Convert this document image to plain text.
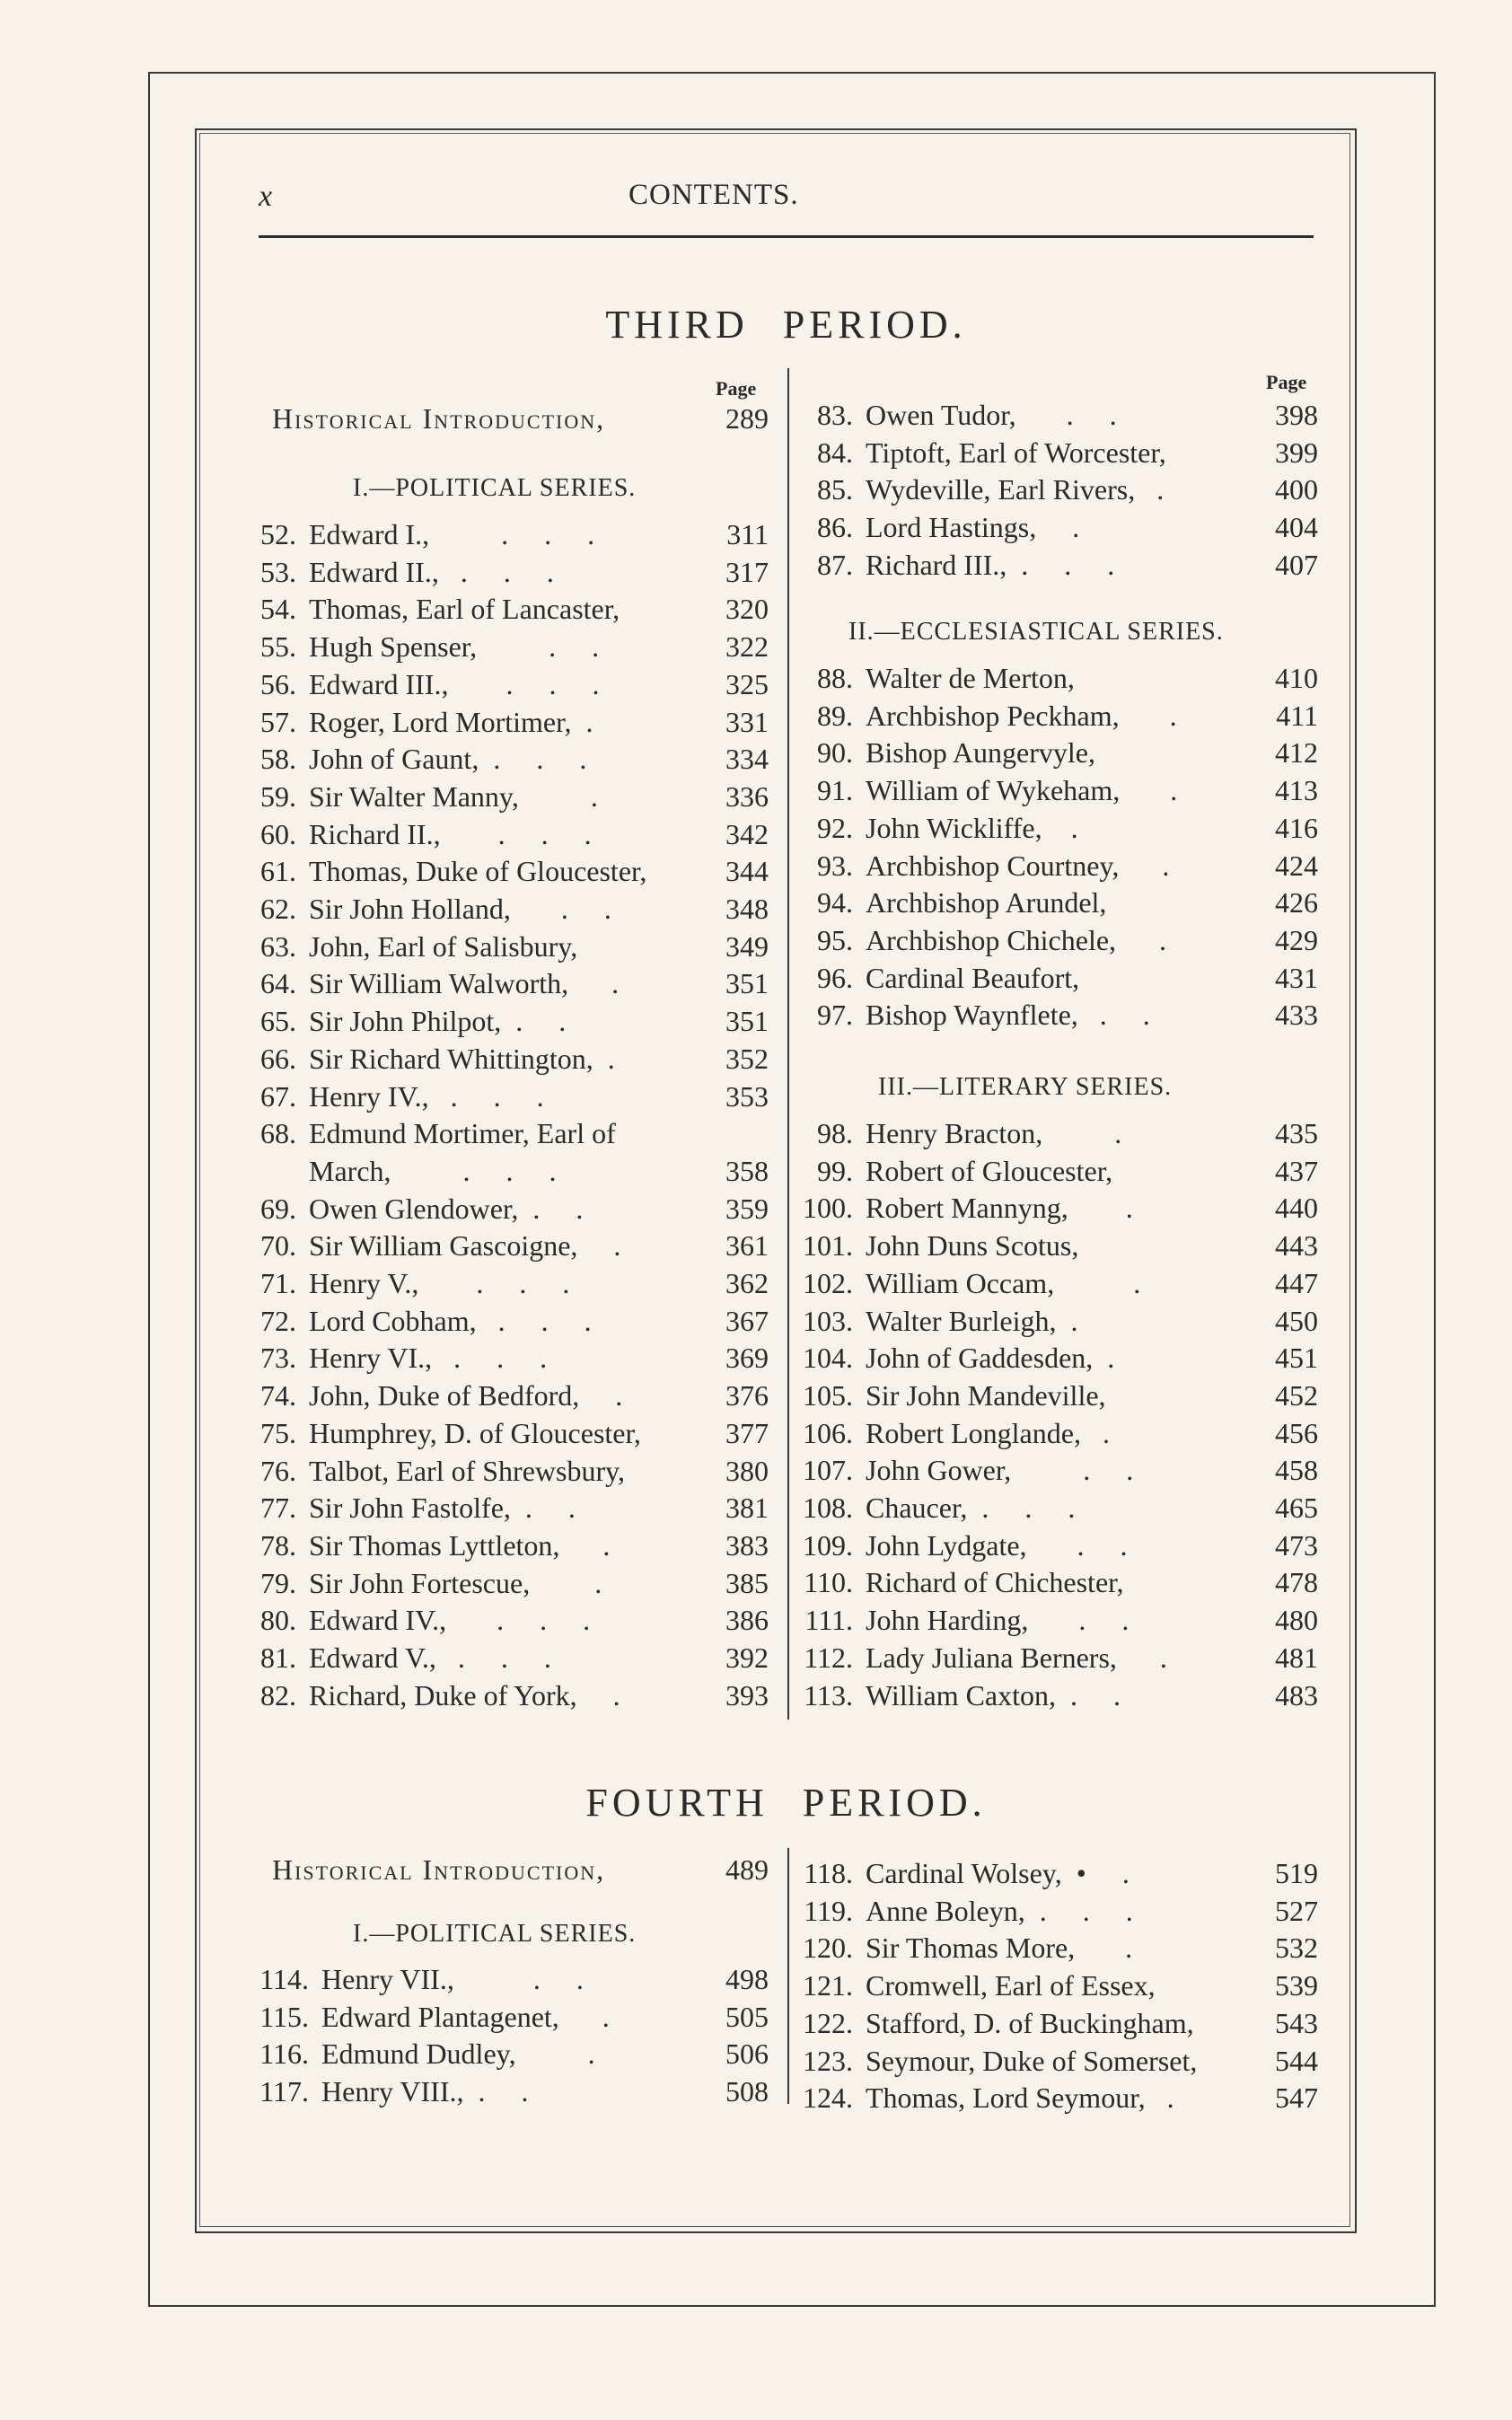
x	CONTENTS.
THIRD PERIOD.
Page	Page
Historical Introduction,	289
I.—POLITICAL SERIES.
52. Edward I.,          .     .     .	311
53. Edward II.,   .     .     .	317
54. Thomas, Earl of Lancaster,	320
55. Hugh Spenser,          .     .	322
56. Edward III.,        .     .     .	325
57. Roger, Lord Mortimer,  .	331
58. John of Gaunt,  .     .     .	334
59. Sir Walter Manny,          .	336
60. Richard II.,        .     .     .	342
61. Thomas, Duke of Gloucester,	344
62. Sir John Holland,       .     .	348
63. John, Earl of Salisbury,	349
64. Sir William Walworth,      .	351
65. Sir John Philpot,  .     .	351
66. Sir Richard Whittington,  .	352
67. Henry IV.,   .     .     .	353
68. Edmund Mortimer, Earl of
March,          .     .     .	358
69. Owen Glendower,  .     .	359
70. Sir William Gascoigne,     .	361
71. Henry V.,        .     .     .	362
72. Lord Cobham,   .     .     .	367
73. Henry VI.,   .     .     .	369
74. John, Duke of Bedford,     .	376
75. Humphrey, D. of Gloucester,	377
76. Talbot, Earl of Shrewsbury,	380
77. Sir John Fastolfe,  .     .	381
78. Sir Thomas Lyttleton,      .	383
79. Sir John Fortescue,         .	385
80. Edward IV.,       .     .     .	386
81. Edward V.,   .     .     .	392
82. Richard, Duke of York,     .	393
83. Owen Tudor,       .     .	398
84. Tiptoft, Earl of Worcester,	399
85. Wydeville, Earl Rivers,   .	400
86. Lord Hastings,     .	404
87. Richard III.,  .     .     .	407
II.—ECCLESIASTICAL SERIES.
88. Walter de Merton,	410
89. Archbishop Peckham,       .	411
90. Bishop Aungervyle,	412
91. William of Wykeham,       .	413
92. John Wickliffe,    .	416
93. Archbishop Courtney,      .	424
94. Archbishop Arundel,	426
95. Archbishop Chichele,      .	429
96. Cardinal Beaufort,	431
97. Bishop Waynflete,   .     .	433
III.—LITERARY SERIES.
98. Henry Bracton,          .	435
99. Robert of Gloucester,	437
100. Robert Mannyng,        .	440
101. John Duns Scotus,	443
102. William Occam,           .	447
103. Walter Burleigh,  .	450
104. John of Gaddesden,  .	451
105. Sir John Mandeville,	452
106. Robert Longlande,   .	456
107. John Gower,          .     .	458
108. Chaucer,  .     .     .	465
109. John Lydgate,       .     .	473
110. Richard of Chichester,	478
111. John Harding,       .     .	480
112. Lady Juliana Berners,      .	481
113. William Caxton,  .     .	483
FOURTH PERIOD.
Historical Introduction,	489
I.—POLITICAL SERIES.
114. Henry VII.,           .     .	498
115. Edward Plantagenet,      .	505
116. Edmund Dudley,          .	506
117. Henry VIII.,  .     .	508
118. Cardinal Wolsey,  •     .	519
119. Anne Boleyn,  .     .     .	527
120. Sir Thomas More,       .	532
121. Cromwell, Earl of Essex,	539
122. Stafford, D. of Buckingham,	543
123. Seymour, Duke of Somerset,	544
124. Thomas, Lord Seymour,   .	547
